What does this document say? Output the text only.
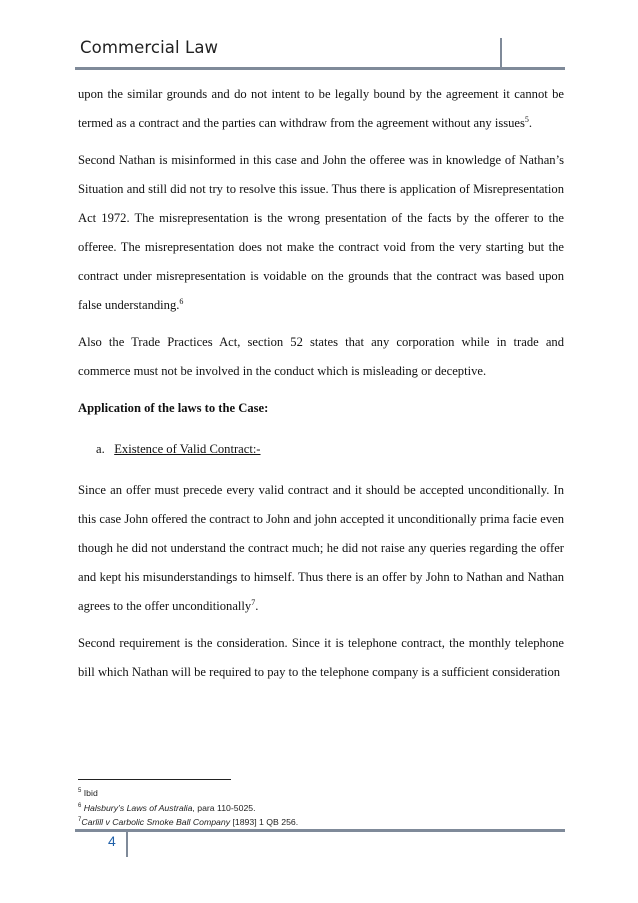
Commercial Law

upon the similar grounds and do not intent to be legally bound by the agreement it cannot be termed as a contract and the parties can withdraw from the agreement without any issues$^5$.

Second Nathan is misinformed in this case and John the offeree was in knowledge of Nathan’s Situation and still did not try to resolve this issue. Thus there is application of Misrepresentation Act 1972. The misrepresentation is the wrong presentation of the facts by the offerer to the offeree. The misrepresentation does not make the contract void from the very starting but the contract under misrepresentation is voidable on the grounds that the contract was based upon false understanding.$^6$

Also the Trade Practices Act, section 52 states that any corporation while in trade and commerce must not be involved in the conduct which is misleading or deceptive.

Application of the laws to the Case:

a. Existence of Valid Contract:-

Since an offer must precede every valid contract and it should be accepted unconditionally. In this case John offered the contract to John and john accepted it unconditionally prima facie even though he did not understand the contract much; he did not raise any queries regarding the offer and kept his misunderstandings to himself. Thus there is an offer by John to Nathan and Nathan agrees to the offer unconditionally$^7$.

Second requirement is the consideration. Since it is telephone contract, the monthly telephone bill which Nathan will be required to pay to the telephone company is a sufficient consideration

$^5$ Ibid
$^6$ Halsbury’s Laws of Australia, para 110-5025.
$^7$Carlill v Carbolic Smoke Ball Company [1893] 1 QB 256.
4
